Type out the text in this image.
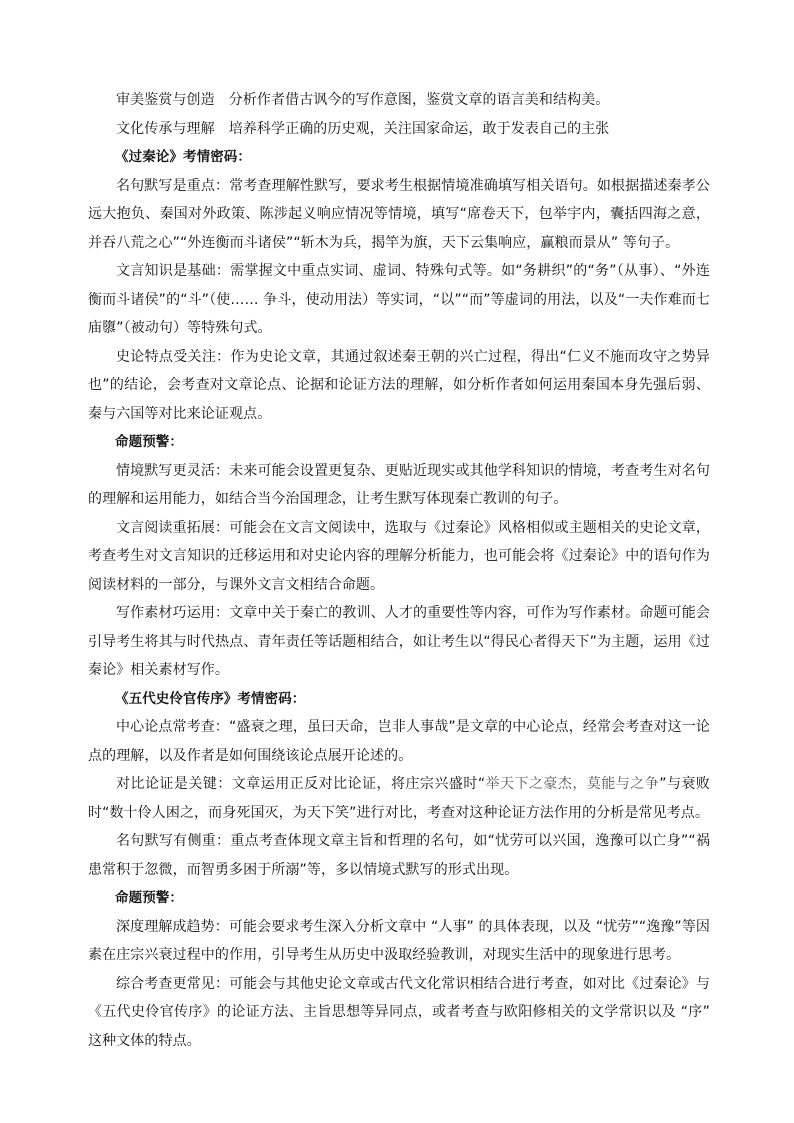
审美鉴赏与创造 分析作者借古讽今的写作意图，鉴赏文章的语言美和结构美。

文化传承与理解 培养科学正确的历史观，关注国家命运，敢于发表自己的主张

《过秦论》考情密码：

名句默写是重点：常考查理解性默写，要求考生根据情境准确填写相关语句。如根据描述秦孝公远大抱负、秦国对外政策、陈涉起义响应情况等情境，填写“席卷天下，包举宇内，囊括四海之意，并吞八荒之心”“外连衡而斗诸侯”“斩木为兵，揭竿为旗，天下云集响应，赢粮而景从” 等句子。

文言知识是基础：需掌握文中重点实词、虚词、特殊句式等。如“务耕织”的“务”（从事）、“外连衡而斗诸侯”的“斗”（使…… 争斗，使动用法）等实词，“以”“而”等虚词的用法，以及“一夫作难而七庙隳”（被动句）等特殊句式。

史论特点受关注：作为史论文章，其通过叙述秦王朝的兴亡过程，得出“仁义不施而攻守之势异也”的结论，会考查对文章论点、论据和论证方法的理解，如分析作者如何运用秦国本身先强后弱、秦与六国等对比来论证观点。

命题预警：

情境默写更灵活：未来可能会设置更复杂、更贴近现实或其他学科知识的情境，考查考生对名句的理解和运用能力，如结合当今治国理念，让考生默写体现秦亡教训的句子。

文言阅读重拓展：可能会在文言文阅读中，选取与《过秦论》风格相似或主题相关的史论文章，考查考生对文言知识的迁移运用和对史论内容的理解分析能力，也可能会将《过秦论》中的语句作为阅读材料的一部分，与课外文言文相结合命题。

写作素材巧运用：文章中关于秦亡的教训、人才的重要性等内容，可作为写作素材。命题可能会引导考生将其与时代热点、青年责任等话题相结合，如让考生以“得民心者得天下”为主题，运用《过秦论》相关素材写作。

《五代史伶官传序》考情密码：

中心论点常考查：“盛衰之理，虽曰天命，岂非人事哉”是文章的中心论点，经常会考查对这一论点的理解，以及作者是如何围绕该论点展开论述的。

对比论证是关键：文章运用正反对比论证，将庄宗兴盛时“举天下之豪杰，莫能与之争”与衰败时“数十伶人困之，而身死国灭，为天下笑”进行对比，考查对这种论证方法作用的分析是常见考点。

名句默写有侧重：重点考查体现文章主旨和哲理的名句，如“忧劳可以兴国，逸豫可以亡身”“祸患常积于忽微，而智勇多困于所溺”等，多以情境式默写的形式出现。

命题预警：

深度理解成趋势：可能会要求考生深入分析文章中 “人事” 的具体表现，以及 “忧劳”“逸豫”等因素在庄宗兴衰过程中的作用，引导考生从历史中汲取经验教训，对现实生活中的现象进行思考。

综合考查更常见：可能会与其他史论文章或古代文化常识相结合进行考查，如对比《过秦论》与《五代史伶官传序》的论证方法、主旨思想等异同点，或者考查与欧阳修相关的文学常识以及 “序” 这种文体的特点。
